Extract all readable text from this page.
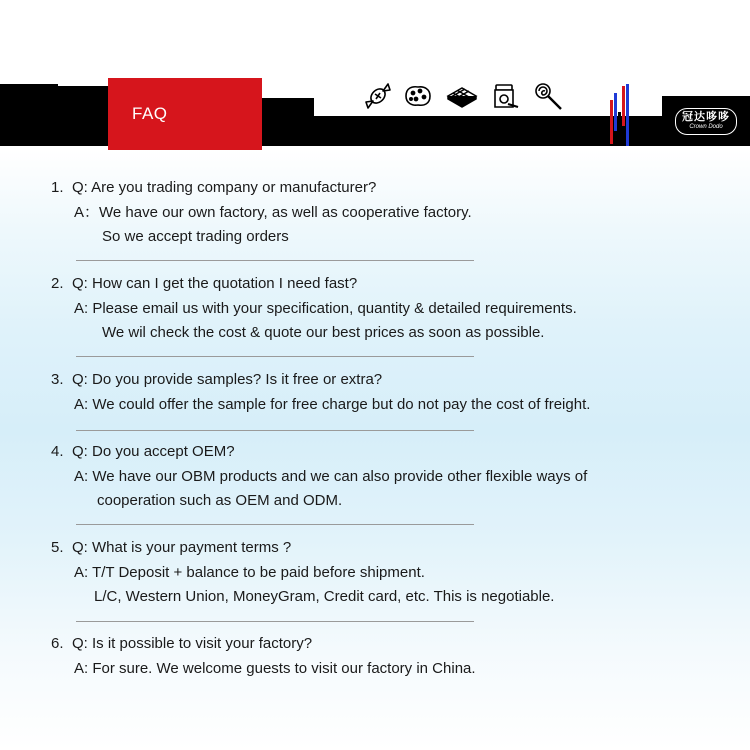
FAQ	冠达哆哆
Crown Dodo
1. Q: Are you trading company or manufacturer?
A：We have our own factory, as well as cooperative factory.
So we accept trading orders
2. Q: How can I get the quotation I need fast?
A: Please email us with your specification, quantity & detailed requirements.
We wil check the cost & quote our best prices as soon as possible.
3. Q: Do you provide samples? Is it free or extra?
A: We could offer the sample for free charge but do not pay the cost of freight.
4. Q: Do you accept OEM?
A: We have our OBM products and we can also provide other flexible ways of
cooperation such as OEM and ODM.
5. Q: What is your payment terms ?
A: T/T Deposit + balance to be paid before shipment.
L/C, Western Union, MoneyGram, Credit card, etc. This is negotiable.
6. Q: Is it possible to visit your factory?
A: For sure. We welcome guests to visit our factory in China.
